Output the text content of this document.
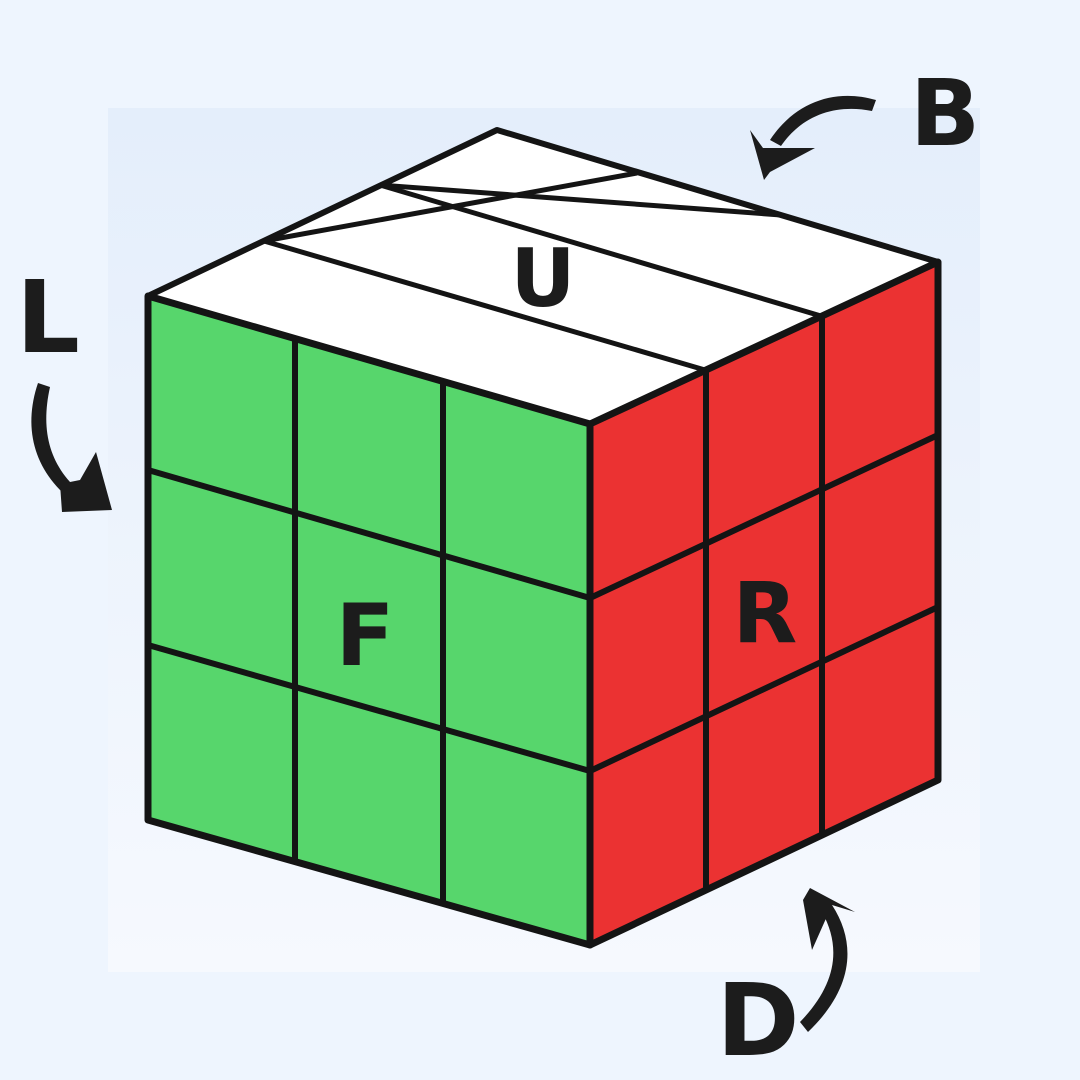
U
F	R
L
B
D
